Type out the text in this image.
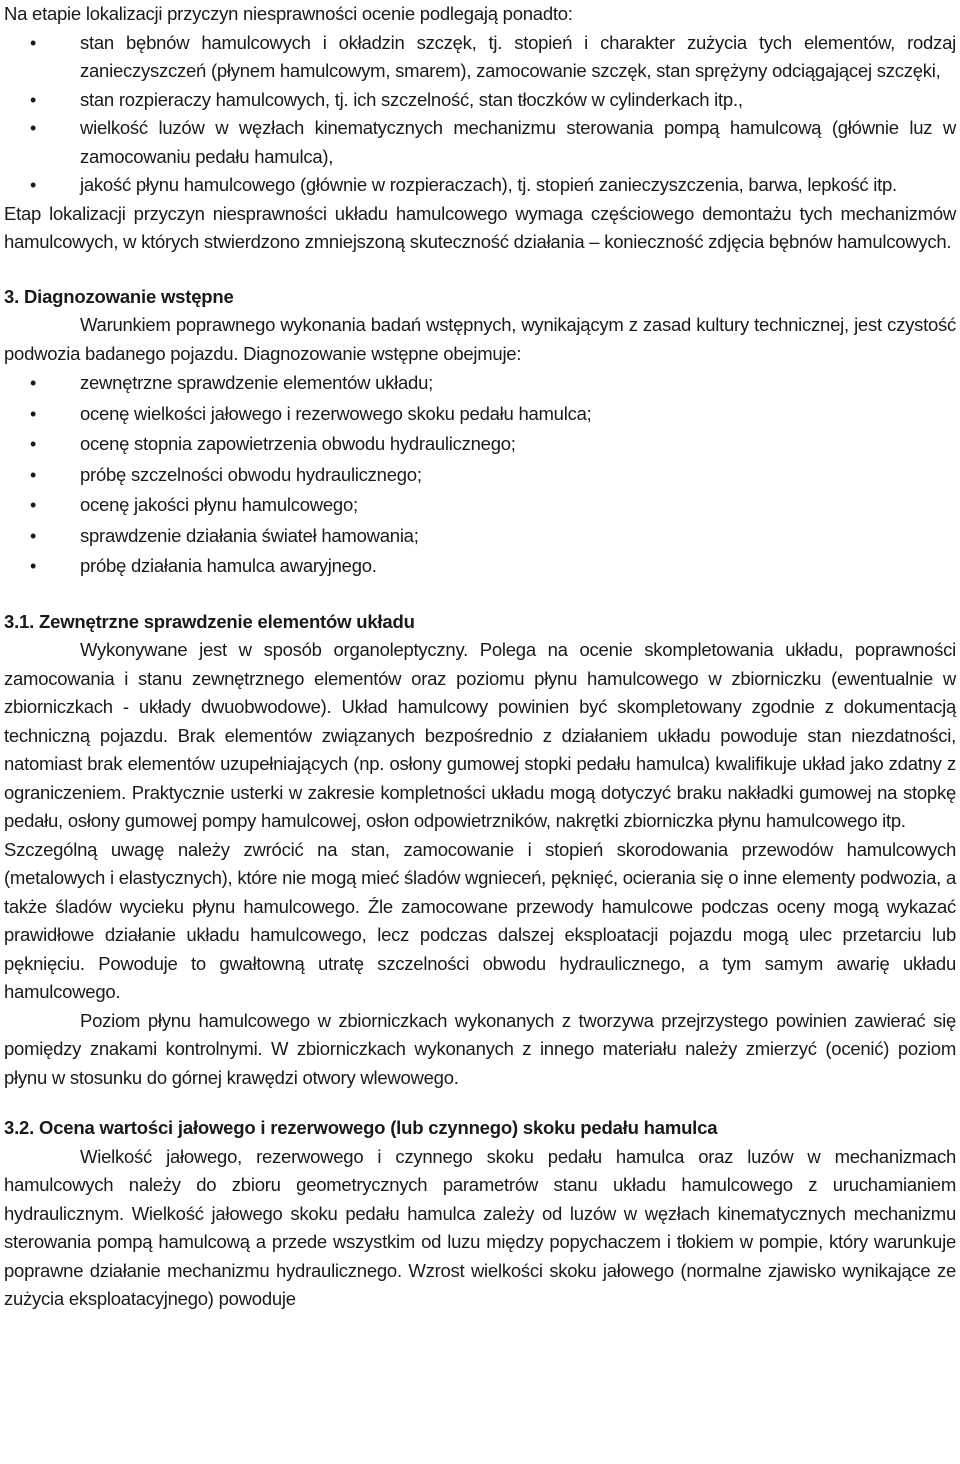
Na etapie lokalizacji przyczyn niesprawności ocenie podlegają ponadto:

• stan bębnów hamulcowych i okładzin szczęk, tj. stopień i charakter zużycia tych elementów, rodzaj zanieczyszczeń (płynem hamulcowym, smarem), zamocowanie szczęk, stan sprężyny odciągającej szczęki,
• stan rozpieraczy hamulcowych, tj. ich szczelność, stan tłoczków w cylinderkach itp.,
• wielkość luzów w węzłach kinematycznych mechanizmu sterowania pompą hamulcową (głównie luz w zamocowaniu pedału hamulca),
• jakość płynu hamulcowego (głównie w rozpieraczach), tj. stopień zanieczyszczenia, barwa, lepkość itp.

Etap lokalizacji przyczyn niesprawności układu hamulcowego wymaga częściowego demontażu tych mechanizmów hamulcowych, w których stwierdzono zmniejszoną skuteczność działania – konieczność zdjęcia bębnów hamulcowych.

3. Diagnozowanie wstępne

Warunkiem poprawnego wykonania badań wstępnych, wynikającym z zasad kultury technicznej, jest czystość podwozia badanego pojazdu. Diagnozowanie wstępne obejmuje:

• zewnętrzne sprawdzenie elementów układu;
• ocenę wielkości jałowego i rezerwowego skoku pedału hamulca;
• ocenę stopnia zapowietrzenia obwodu hydraulicznego;
• próbę szczelności obwodu hydraulicznego;
• ocenę jakości płynu hamulcowego;
• sprawdzenie działania świateł hamowania;
• próbę działania hamulca awaryjnego.
3.1. Zewnętrzne sprawdzenie elementów układu

Wykonywane jest w sposób organoleptyczny. Polega na ocenie skompletowania układu, poprawności zamocowania i stanu zewnętrznego elementów oraz poziomu płynu hamulcowego w zbiorniczku (ewentualnie w zbiorniczkach - układy dwuobwodowe). Układ hamulcowy powinien być skompletowany zgodnie z dokumentacją techniczną pojazdu. Brak elementów związanych bezpośrednio z działaniem układu powoduje stan niezdatności, natomiast brak elementów uzupełniających (np. osłony gumowej stopki pedału hamulca) kwalifikuje układ jako zdatny z ograniczeniem. Praktycznie usterki w zakresie kompletności układu mogą dotyczyć braku nakładki gumowej na stopkę pedału, osłony gumowej pompy hamulcowej, osłon odpowietrzników, nakrętki zbiorniczka płynu hamulcowego itp.

Szczególną uwagę należy zwrócić na stan, zamocowanie i stopień skorodowania przewodów hamulcowych (metalowych i elastycznych), które nie mogą mieć śladów wgnieceń, pęknięć, ocierania się o inne elementy podwozia, a także śladów wycieku płynu hamulcowego. Źle zamocowane przewody hamulcowe podczas oceny mogą wykazać prawidłowe działanie układu hamulcowego, lecz podczas dalszej eksploatacji pojazdu mogą ulec przetarciu lub pęknięciu. Powoduje to gwałtowną utratę szczelności obwodu hydraulicznego, a tym samym awarię układu hamulcowego.

Poziom płynu hamulcowego w zbiorniczkach wykonanych z tworzywa przejrzystego powinien zawierać się pomiędzy znakami kontrolnymi. W zbiorniczkach wykonanych z innego materiału należy zmierzyć (ocenić) poziom płynu w stosunku do górnej krawędzi otwory wlewowego.

3.2. Ocena wartości jałowego i rezerwowego (lub czynnego) skoku pedału hamulca

Wielkość jałowego, rezerwowego i czynnego skoku pedału hamulca oraz luzów w mechanizmach hamulcowych należy do zbioru geometrycznych parametrów stanu układu hamulcowego z uruchamianiem hydraulicznym. Wielkość jałowego skoku pedału hamulca zależy od luzów w węzłach kinematycznych mechanizmu sterowania pompą hamulcową a przede wszystkim od luzu między popychaczem i tłokiem w pompie, który warunkuje poprawne działanie mechanizmu hydraulicznego. Wzrost wielkości skoku jałowego (normalne zjawisko wynikające ze zużycia eksploatacyjnego) powoduje
